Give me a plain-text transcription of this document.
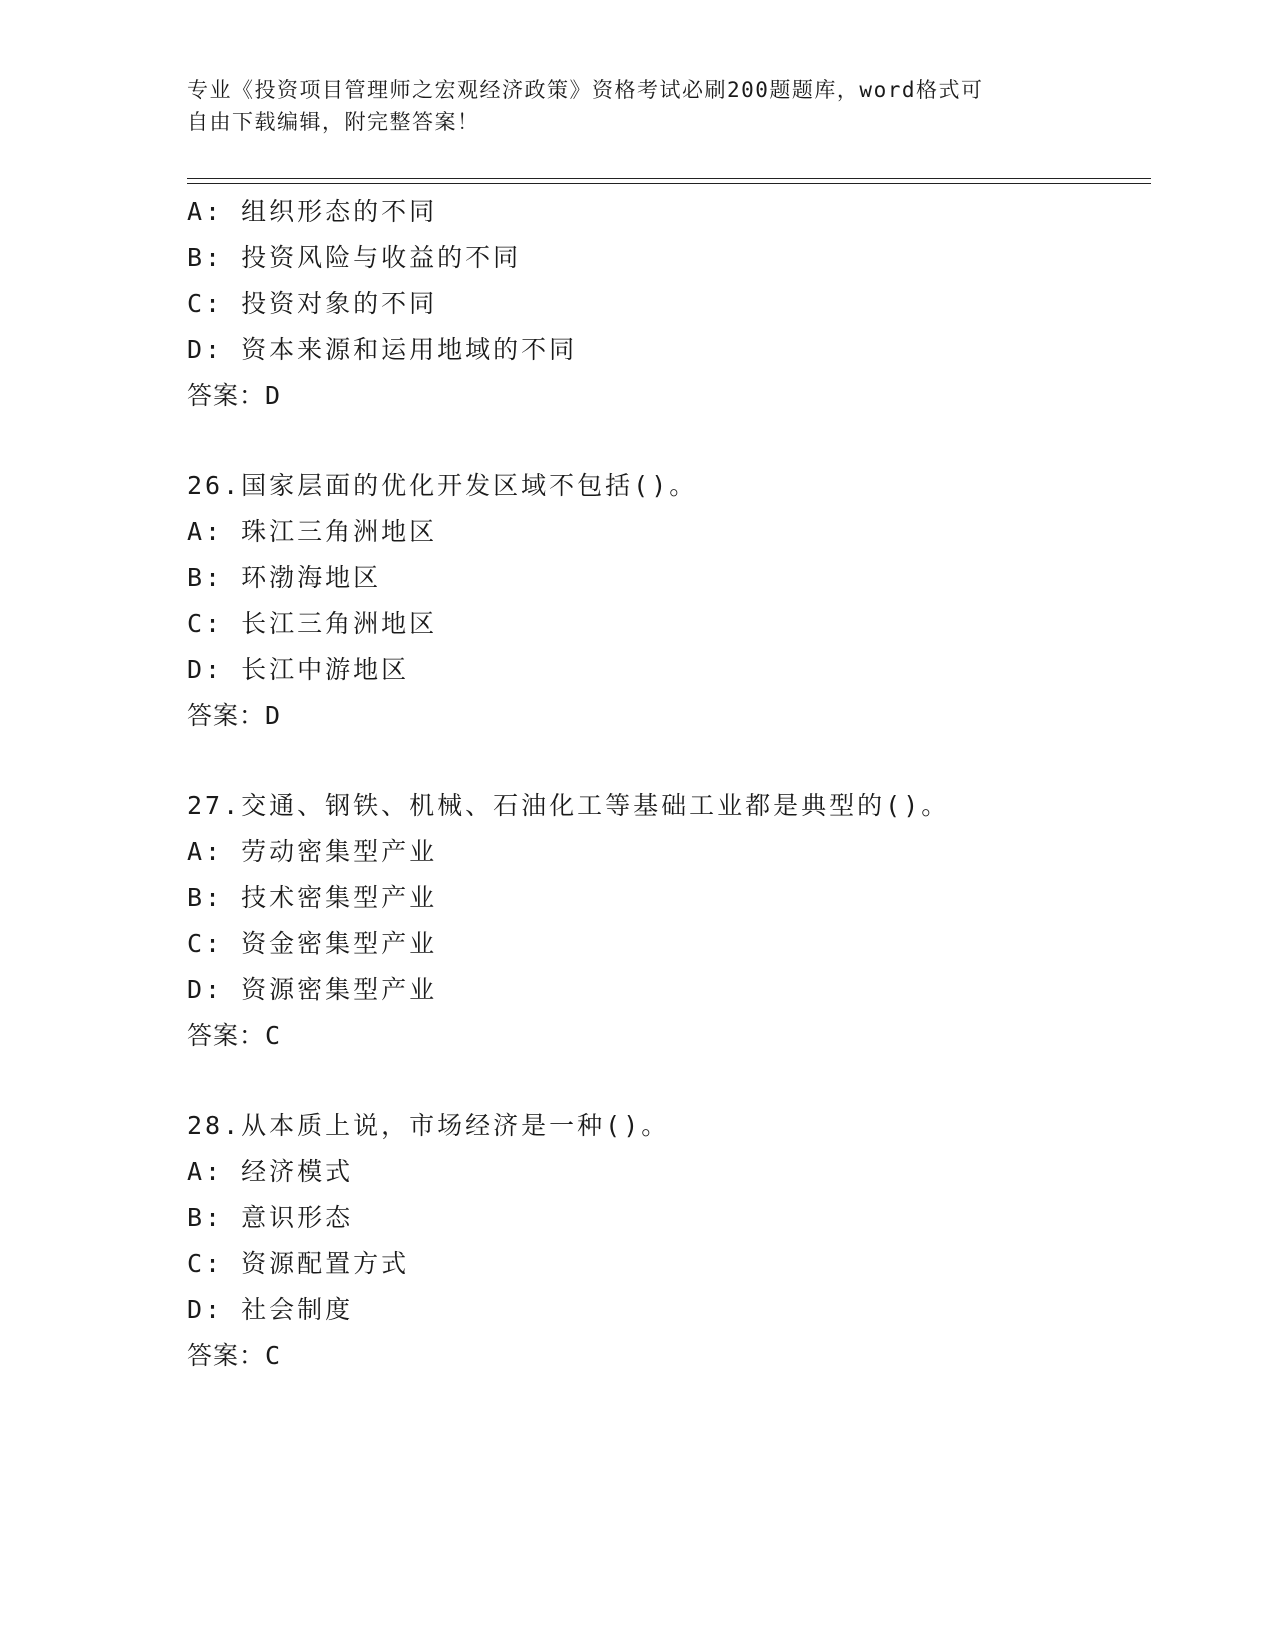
专业《投资项目管理师之宏观经济政策》资格考试必刷200题题库，word格式可
自由下载编辑，附完整答案！
A: 组织形态的不同
B: 投资风险与收益的不同
C: 投资对象的不同
D: 资本来源和运用地域的不同
答案：D
26.国家层面的优化开发区域不包括()。
A: 珠江三角洲地区
B: 环渤海地区
C: 长江三角洲地区
D: 长江中游地区
答案：D
27.交通、钢铁、机械、石油化工等基础工业都是典型的()。
A: 劳动密集型产业
B: 技术密集型产业
C: 资金密集型产业
D: 资源密集型产业
答案：C
28.从本质上说，市场经济是一种()。
A: 经济模式
B: 意识形态
C: 资源配置方式
D: 社会制度
答案：C
